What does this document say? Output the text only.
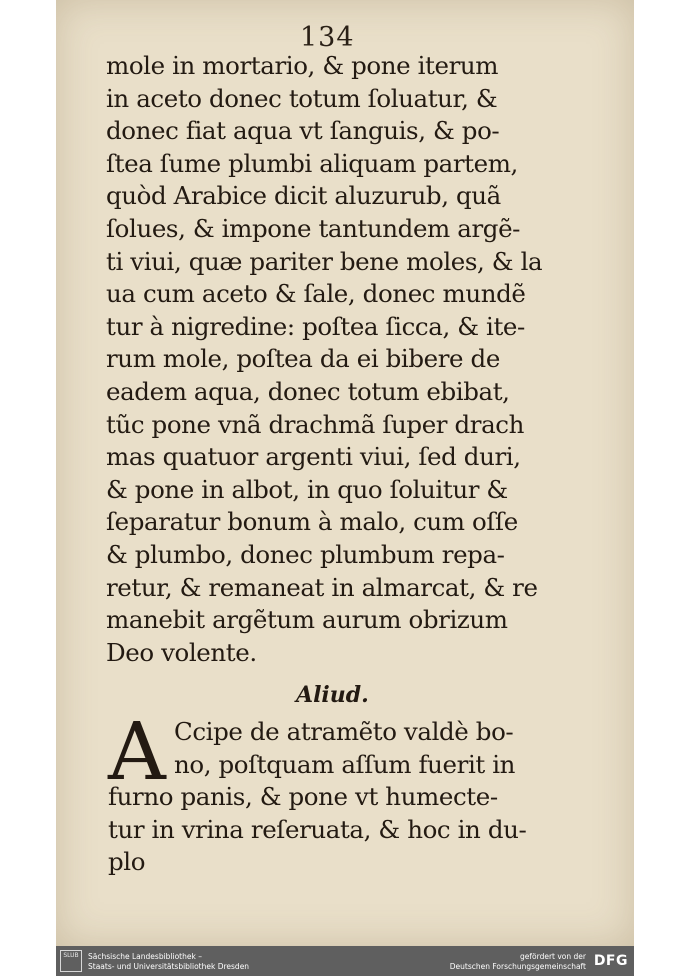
134
mole in mortario, & pone iterum
in aceto donec totum ſoluatur, &
donec fiat aqua vt ſanguis, & po-
ſtea ſume plumbi aliquam partem,
quòd Arabice dicit aluzurub, quã
ſolues, & impone tantundem argẽ-
ti viui, quæ pariter bene moles, & la
ua cum aceto & ſale, donec mundẽ
tur à nigredine: poſtea ſicca, & ite-
rum mole, poſtea da ei bibere de
eadem aqua, donec totum ebibat,
tũc pone vnã drachmã ſuper drach
mas quatuor argenti viui, ſed duri,
& pone in albot, in quo ſoluitur &
ſeparatur bonum à malo, cum oſſe
& plumbo, donec plumbum repa-
retur, & remaneat in almarcat, & re
manebit argẽtum aurum obrizum
Deo volente.
Aliud.
A Ccipe de atramẽto valdè bo-
no, poſtquam aſſum fuerit in
furno panis, & pone vt humecte-
tur in vrina reſeruata, & hoc in du-
plo
SLUB	Sächsische Landesbibliothek –
Staats- und Universitätsbibliothek Dresden
gefördert von der
Deutschen Forschungsgemeinschaft DFG
